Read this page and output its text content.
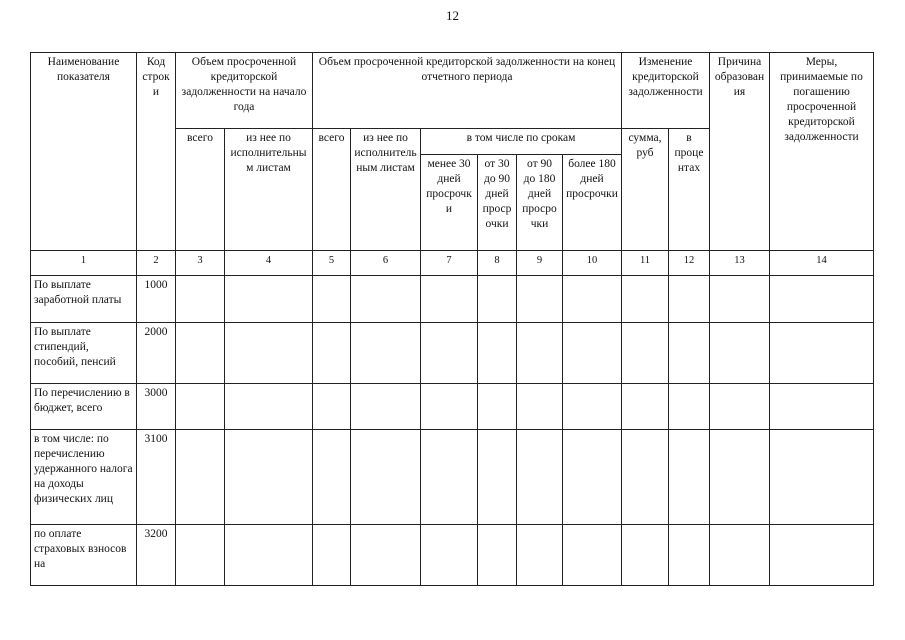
12
Наименование показателя	Код строки	Объем просроченной кредиторской задолженности на начало года		Объем просроченной кредиторской задолженности на конец отчетного периода						Изменение кредиторской задолженности		Причина образования	Меры, принимаемые по погашению просроченной кредиторской задолженности
		всего	из нее по исполнительным листам	всего	из нее по исполнительным листам	в том числе по срокам				сумма, руб	в процентах		
						менее 30 дней просрочки	от 30 до 90 дней просрочки	от 90 до 180 дней просрочки	более 180 дней просрочки				
1	2	3	4	5	6	7	8	9	10	11	12	13	14
По выплате заработной платы	1000												
По выплате стипендий, пособий, пенсий	2000												
По перечислению в бюджет, всего	3000												
в том числе: по перечислению удержанного налога на доходы физических лиц	3100												
по оплате страховых взносов на	3200												
